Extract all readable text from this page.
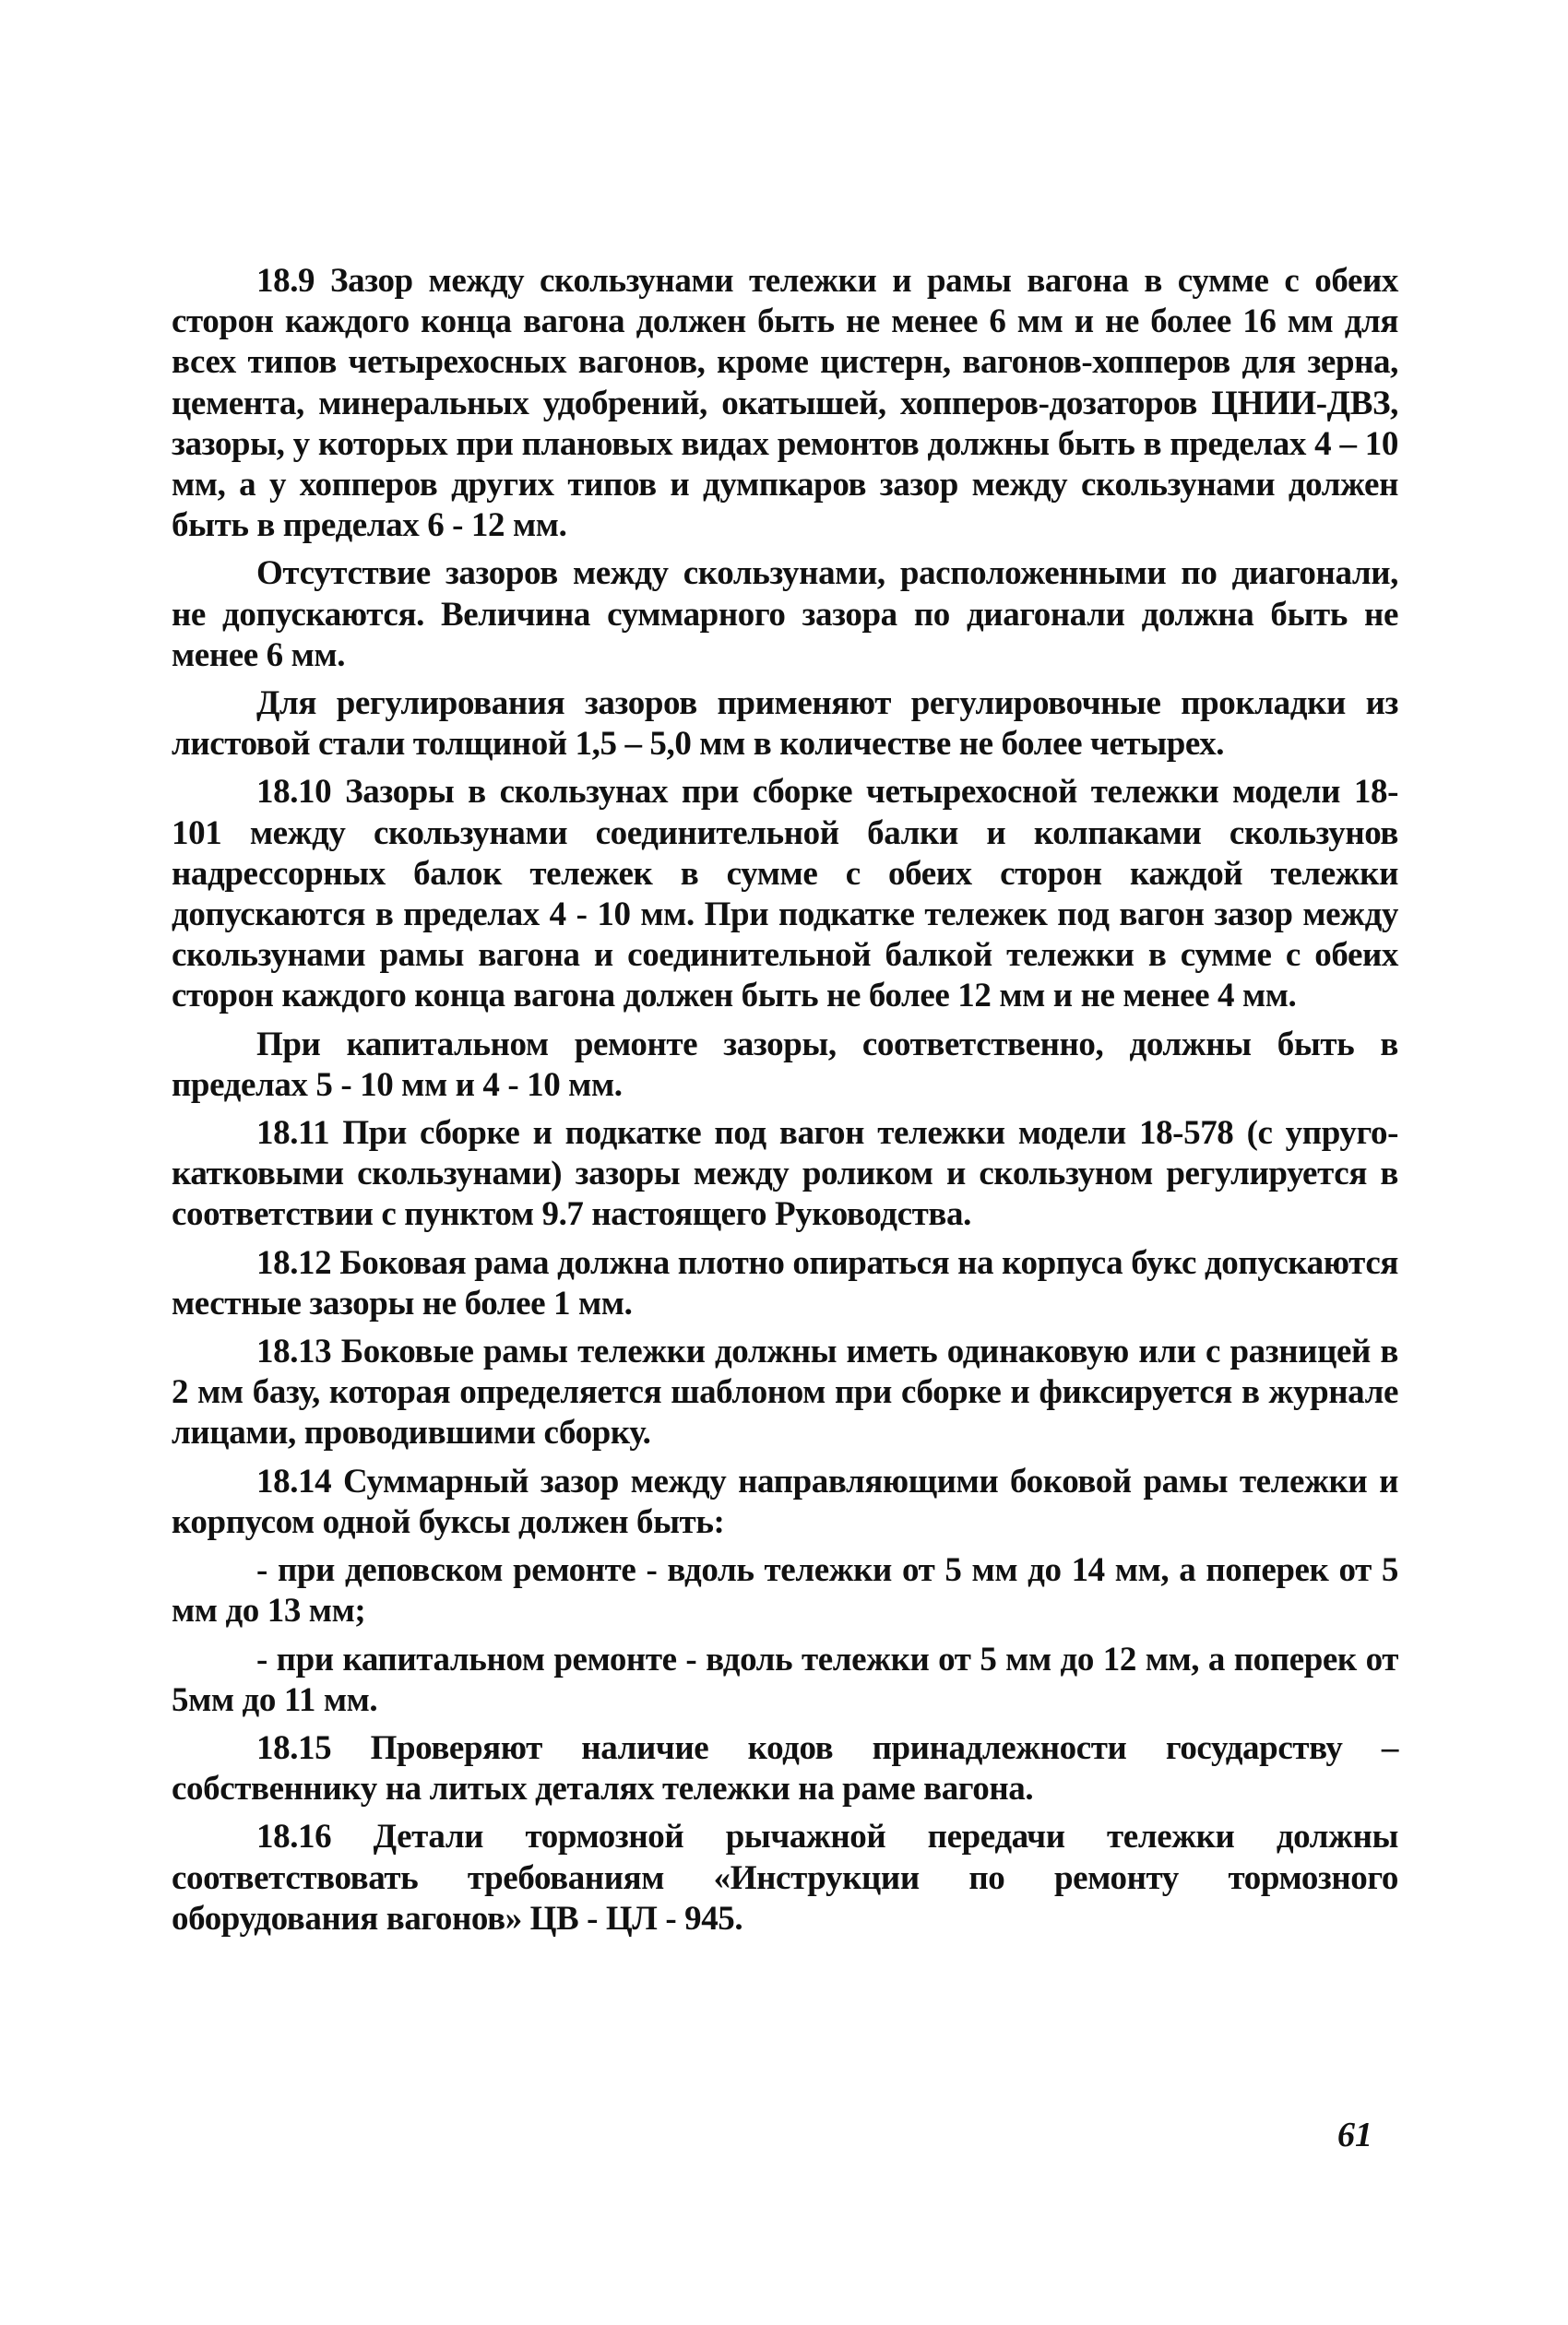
18.9 Зазор между скользунами тележки и рамы вагона в сумме с обеих сторон каждого конца вагона должен быть не менее 6 мм и не более 16 мм для всех типов четырехосных вагонов, кроме цистерн, вагонов-хопперов для зерна, цемента, минеральных удобрений, окатышей, хопперов-дозаторов ЦНИИ-ДВЗ, зазоры, у которых при плановых видах ремонтов должны быть в пределах 4 – 10 мм, а у хопперов других типов и думпкаров зазор между скользунами должен быть в пределах 6 - 12 мм.

Отсутствие зазоров между скользунами, расположенными по диагонали, не допускаются. Величина суммарного зазора по диагонали должна быть не менее 6 мм.

Для регулирования зазоров применяют регулировочные прокладки из листовой стали толщиной 1,5 – 5,0 мм в количестве не более четырех.

18.10 Зазоры в скользунах при сборке четырехосной тележки модели 18-101 между скользунами соединительной балки и колпаками скользунов надрессорных балок тележек в сумме с обеих сторон каждой тележки допускаются в пределах 4 - 10 мм. При подкатке тележек под вагон зазор между скользунами рамы вагона и соединительной балкой тележки в сумме с обеих сторон каждого конца вагона должен быть не более 12 мм и не менее 4 мм.

При капитальном ремонте зазоры, соответственно, должны быть в пределах 5 - 10 мм и 4 - 10 мм.

18.11 При сборке и подкатке под вагон тележки модели 18-578 (с упруго-катковыми скользунами) зазоры между роликом и скользуном регулируется в соответствии с пунктом 9.7 настоящего Руководства.

18.12 Боковая рама должна плотно опираться на корпуса букс допускаются местные зазоры не более 1 мм.

18.13 Боковые рамы тележки должны иметь одинаковую или с разницей в 2 мм базу, которая определяется шаблоном при сборке и фиксируется в журнале лицами, проводившими сборку.

18.14 Суммарный зазор между направляющими боковой рамы тележки и корпусом одной буксы должен быть:

- при деповском ремонте - вдоль тележки от 5 мм до 14 мм, а поперек от 5 мм до 13 мм;

- при капитальном ремонте - вдоль тележки от 5 мм до 12 мм, а поперек от 5мм до 11 мм.

18.15 Проверяют наличие кодов принадлежности государству – собственнику на литых деталях тележки на раме вагона.

18.16 Детали тормозной рычажной передачи тележки должны соответствовать требованиям «Инструкции по ремонту тормозного оборудования вагонов» ЦВ - ЦЛ - 945.

61
